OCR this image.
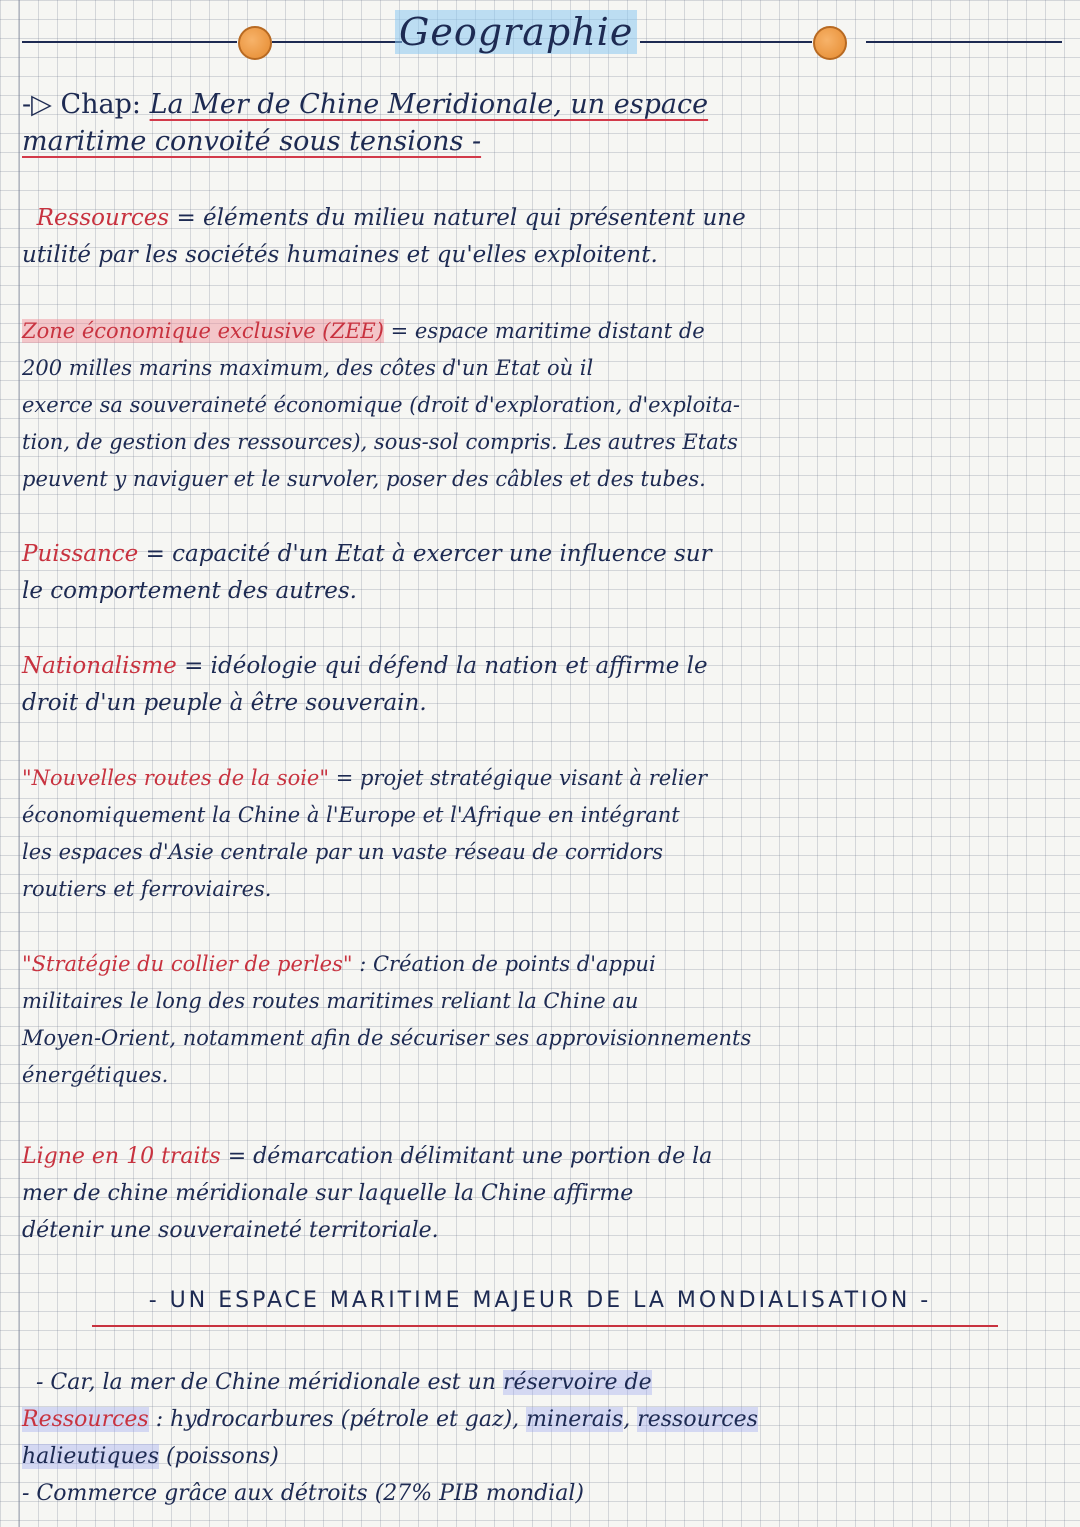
Geographie
-▷ Chap: La Mer de Chine Meridionale, un espace
maritime convoité sous tensions -
Ressources = éléments du milieu naturel qui présentent une
utilité par les sociétés humaines et qu'elles exploitent.
Zone économique exclusive (ZEE) = espace maritime distant de
200 milles marins maximum, des côtes d'un Etat où il
exerce sa souveraineté économique (droit d'exploration, d'exploita-
tion, de gestion des ressources), sous-sol compris. Les autres Etats
peuvent y naviguer et le survoler, poser des câbles et des tubes.
Puissance = capacité d'un Etat à exercer une influence sur
le comportement des autres.
Nationalisme = idéologie qui défend la nation et affirme le
droit d'un peuple à être souverain.
"Nouvelles routes de la soie" = projet stratégique visant à relier
économiquement la Chine à l'Europe et l'Afrique en intégrant
les espaces d'Asie centrale par un vaste réseau de corridors
routiers et ferroviaires.
"Stratégie du collier de perles" : Création de points d'appui
militaires le long des routes maritimes reliant la Chine au
Moyen-Orient, notamment afin de sécuriser ses approvisionnements
énergétiques.
Ligne en 10 traits = démarcation délimitant une portion de la
mer de chine méridionale sur laquelle la Chine affirme
détenir une souveraineté territoriale.
- UN ESPACE MARITIME MAJEUR DE LA MONDIALISATION -
- Car, la mer de Chine méridionale est un réservoire de
Ressources : hydrocarbures (pétrole et gaz), minerais, ressources
halieutiques (poissons)
- Commerce grâce aux détroits (27% PIB mondial)
